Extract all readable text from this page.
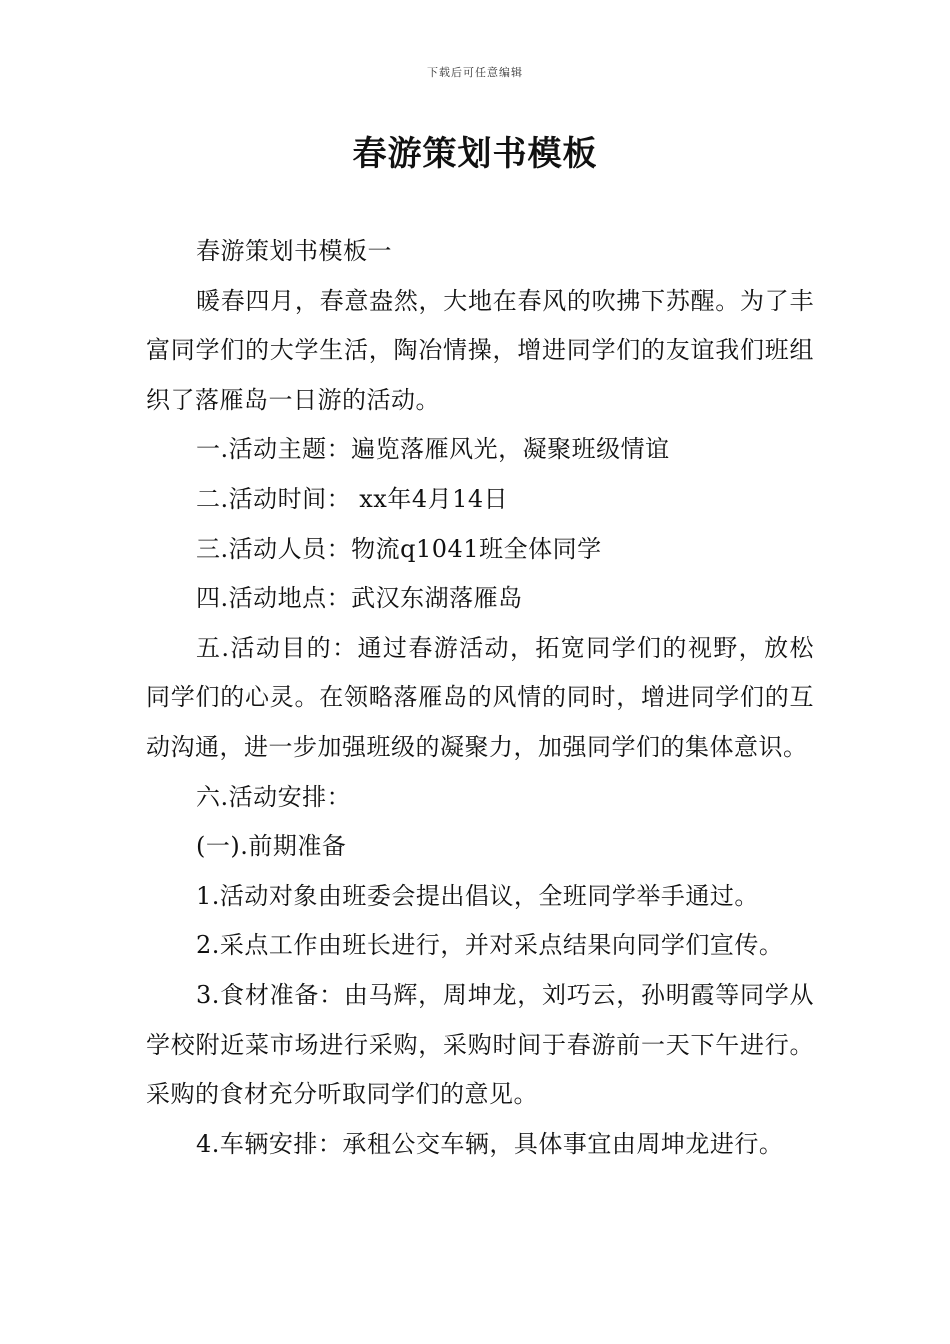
下载后可任意编辑
春游策划书模板

春游策划书模板一

暖春四月，春意盎然，大地在春风的吹拂下苏醒。为了丰富同学们的大学生活，陶冶情操，增进同学们的友谊我们班组织了落雁岛一日游的活动。

一.活动主题：遍览落雁风光，凝聚班级情谊

二.活动时间： xx年4月14日

三.活动人员：物流q1041班全体同学

四.活动地点：武汉东湖落雁岛

五.活动目的：通过春游活动，拓宽同学们的视野，放松同学们的心灵。在领略落雁岛的风情的同时，增进同学们的互动沟通，进一步加强班级的凝聚力，加强同学们的集体意识。

六.活动安排：

(一).前期准备

1.活动对象由班委会提出倡议，全班同学举手通过。

2.采点工作由班长进行，并对采点结果向同学们宣传。

3.食材准备：由马辉，周坤龙，刘巧云，孙明霞等同学从学校附近菜市场进行采购，采购时间于春游前一天下午进行。采购的食材充分听取同学们的意见。

4.车辆安排：承租公交车辆，具体事宜由周坤龙进行。
